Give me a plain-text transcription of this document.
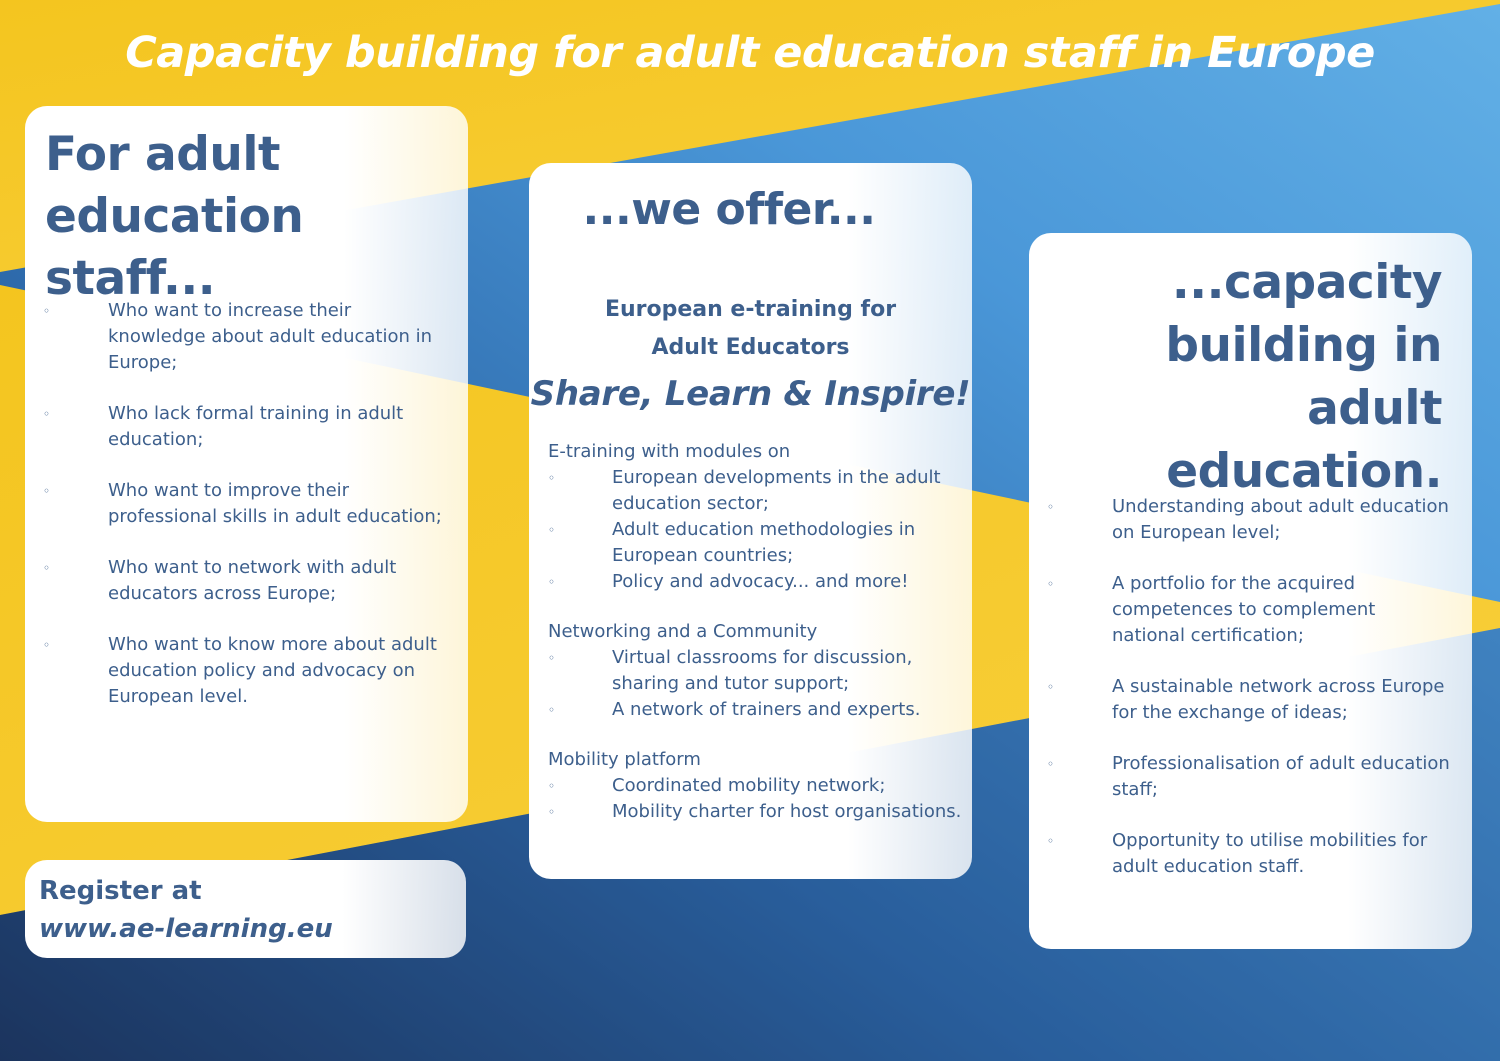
Capacity building for adult education staff in Europe
For adult
education staff...
◦	Who want to increase their knowledge about adult education in Europe;
◦	Who lack formal training in adult education;
◦	Who want to improve their professional skills in adult education;
◦	Who want to network with adult educators across Europe;
◦	Who want to know more about adult education policy and advocacy on European level.
...we offer...

European e-training for

Adult Educators

Share, Learn & Inspire!

E-training with modules on

◦	European developments in the adult education sector;
◦	Adult education methodologies in European countries;
◦	Policy and advocacy... and more!

Networking and a Community

◦	Virtual classrooms for discussion, sharing and tutor support;
◦	A network of trainers and experts.

Mobility platform

◦	Coordinated mobility network;
◦	Mobility charter for host organisations.
...capacity
building in
adult education.
◦	Understanding about adult education on European level;
◦	A portfolio for the acquired competences to complement national certification;
◦	A sustainable network across Europe for the exchange of ideas;
◦	Professionalisation of adult education staff;
◦	Opportunity to utilise mobilities for adult education staff.

Register at

www.ae-learning.eu
